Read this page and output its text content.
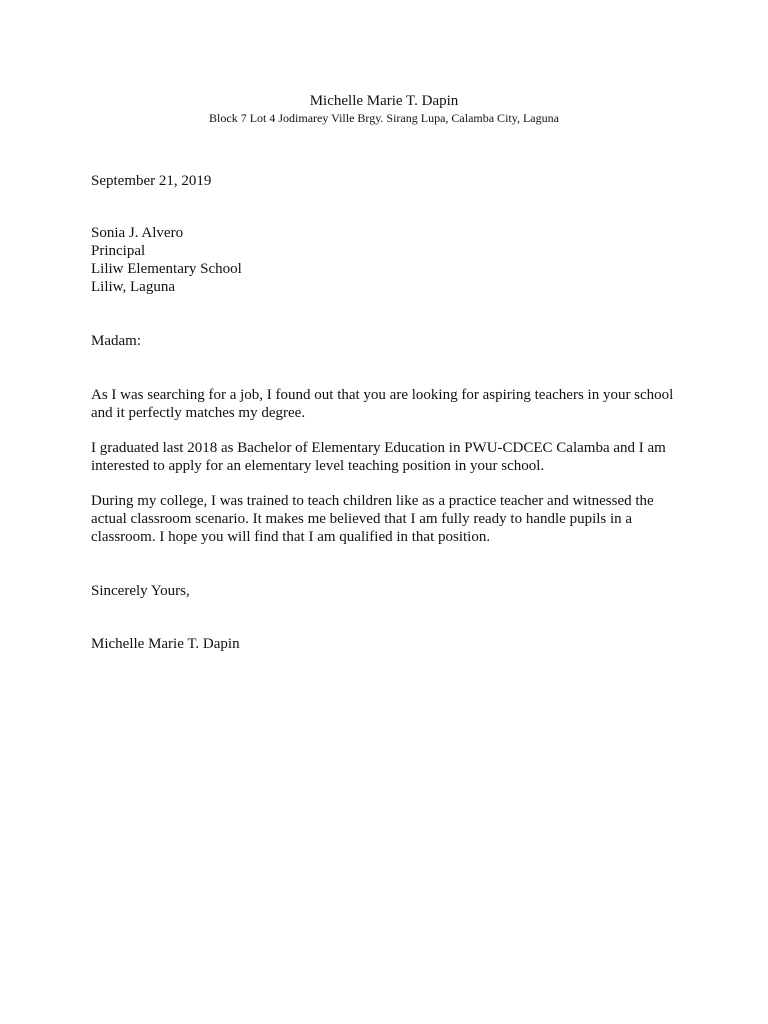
Michelle Marie T. Dapin
Block 7 Lot 4 Jodimarey Ville Brgy. Sirang Lupa, Calamba City, Laguna
September 21, 2019
Sonia J. Alvero
Principal
Liliw Elementary School
Liliw, Laguna
Madam:
As I was searching for a job, I found out that you are looking for aspiring teachers in your school
and it perfectly matches my degree.
I graduated last 2018 as Bachelor of Elementary Education in PWU-CDCEC Calamba and I am
interested to apply for an elementary level teaching position in your school.
During my college, I was trained to teach children like as a practice teacher and witnessed the
actual classroom scenario. It makes me believed that I am fully ready to handle pupils in a
classroom. I hope you will find that I am qualified in that position.
Sincerely Yours,
Michelle Marie T. Dapin
